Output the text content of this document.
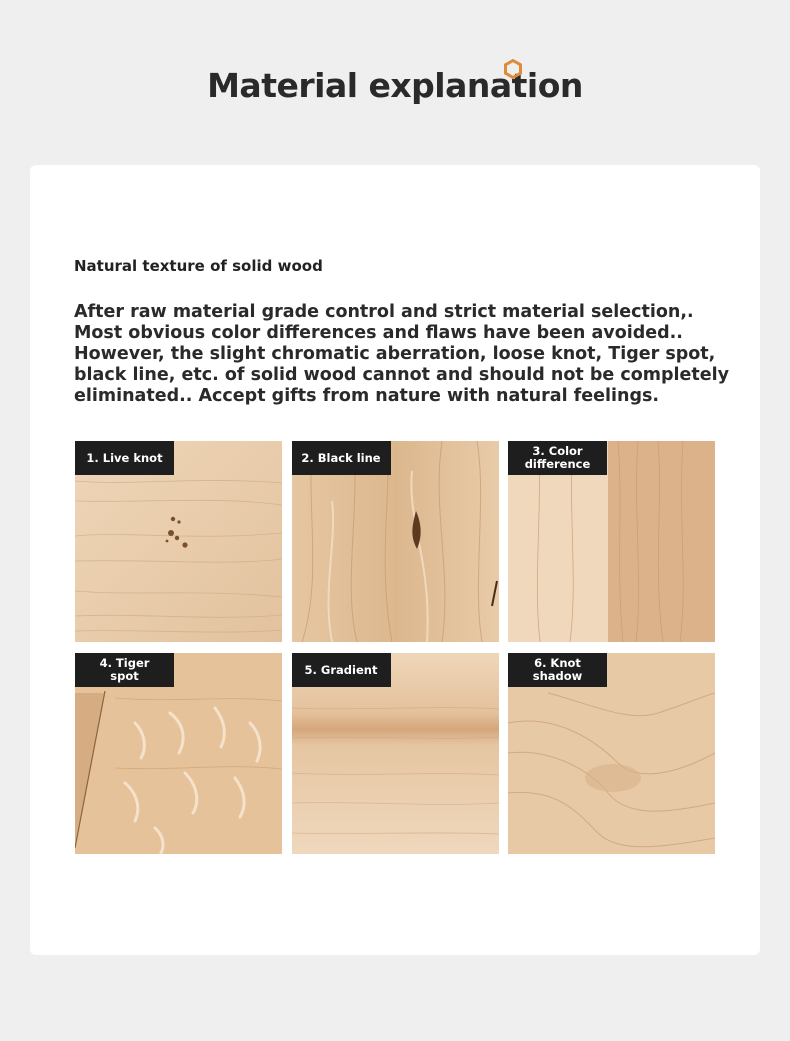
Material explanation
Natural texture of solid wood
After raw material grade control and strict material selection,.
Most obvious color differences and flaws have been avoided..
However, the slight chromatic aberration, loose knot, Tiger spot,
black line, etc. of solid wood cannot and should not be completely
eliminated.. Accept gifts from nature with natural feelings.
1. Live knot	2. Black line	3. Color
difference
4. Tiger
spot	5. Gradient	6. Knot
shadow
